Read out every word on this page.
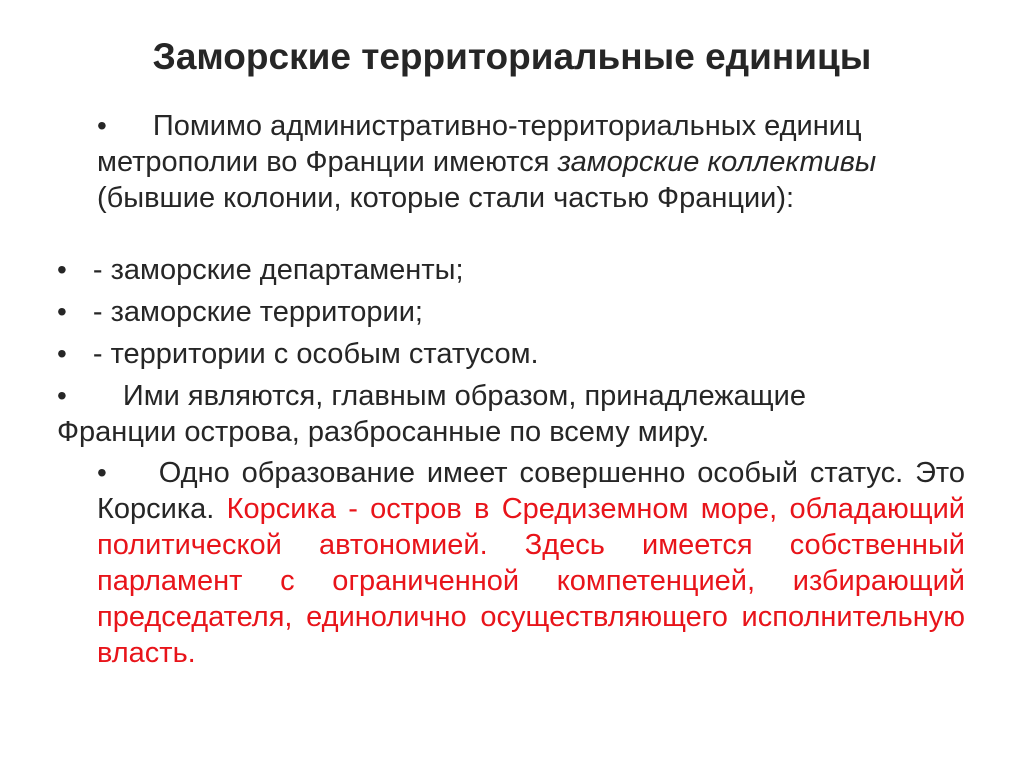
Заморские территориальные единицы
• Помимо административно-территориальных единиц метрополии во Франции имеются заморские коллективы (бывшие колонии, которые стали частью Франции):
• - заморские департаменты;
• - заморские территории;
• - территории с особым статусом.
• Ими являются, главным образом, принадлежащие Франции острова, разбросанные по всему миру.
• Одно образование имеет совершенно особый статус. Это Корсика. Корсика - остров в Средиземном море, обладающий политической автономией. Здесь имеется собственный парламент с ограниченной компетенцией, избирающий председателя, единолично осуществляющего исполнительную власть.
